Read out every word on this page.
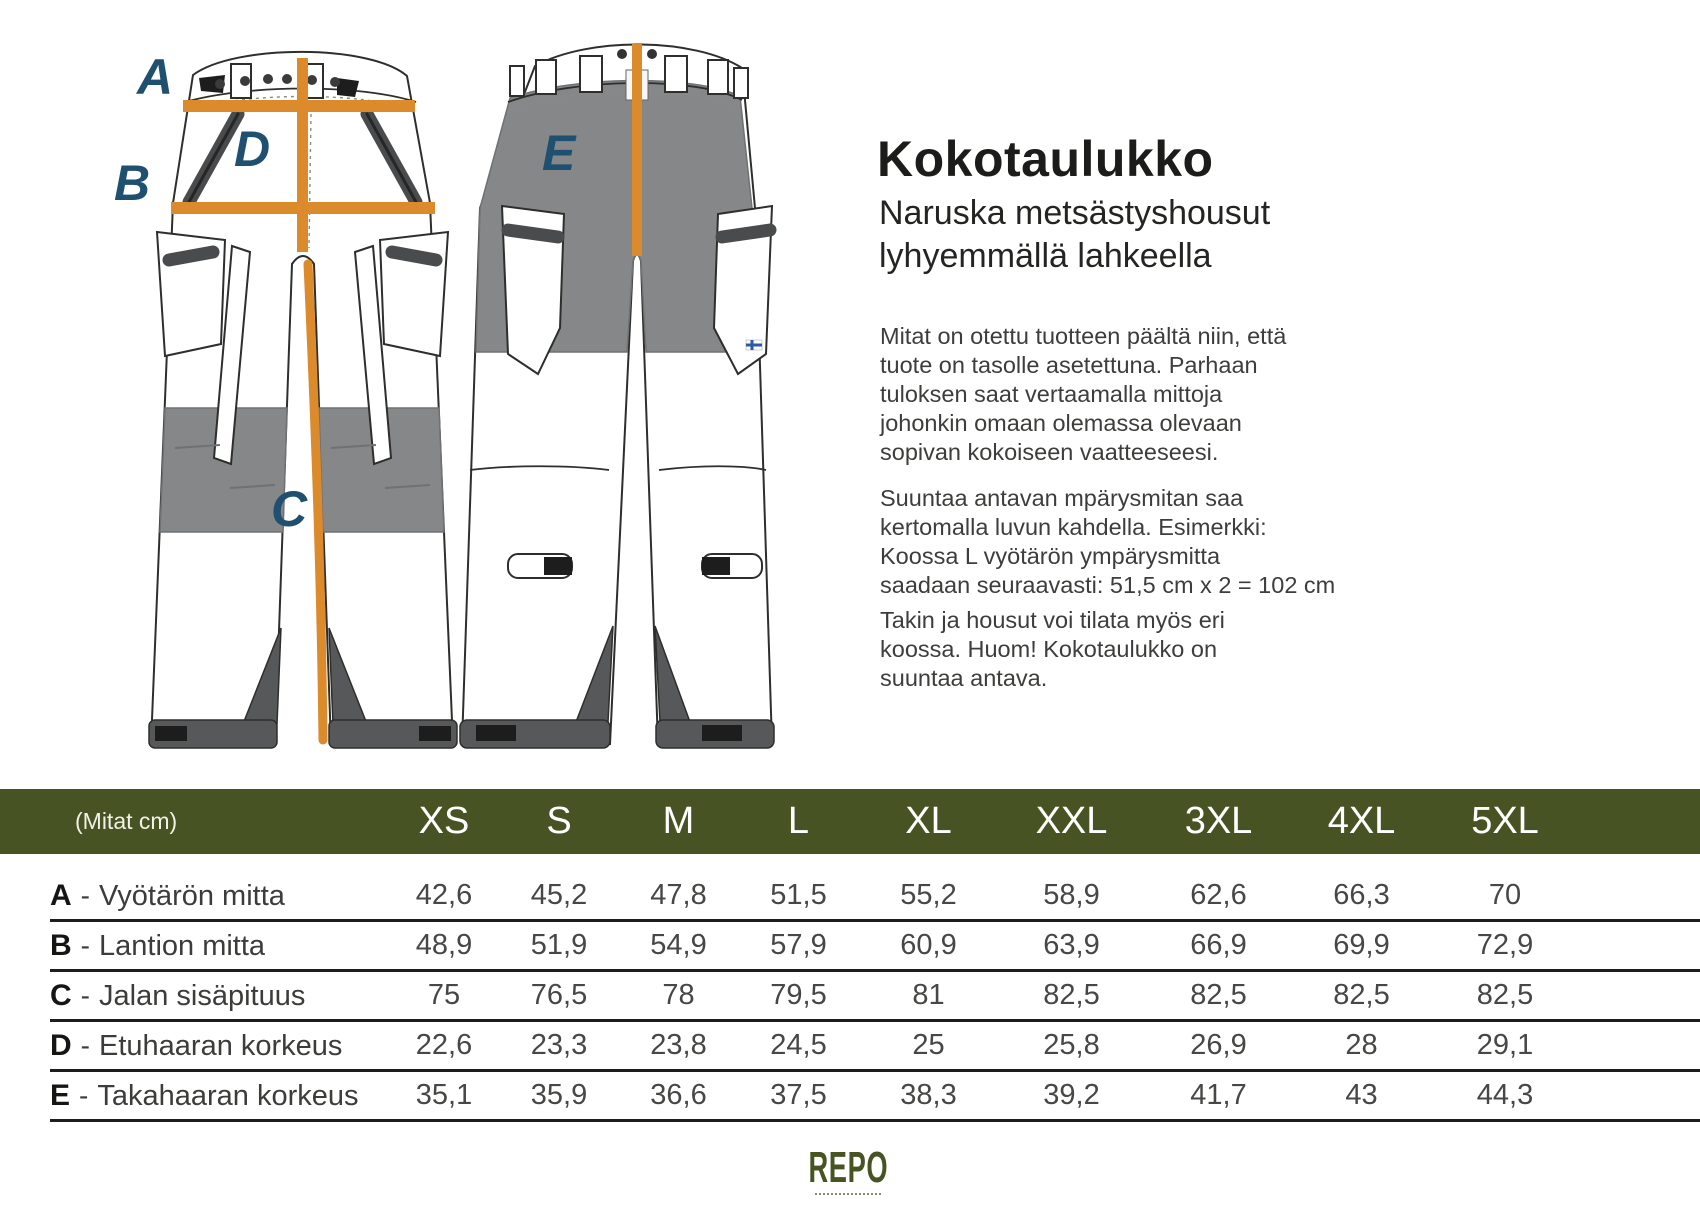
A
B
D
C
E	Kokotaulukko
Naruska metsästyshousut
lyhyemmällä lahkeella
Mitat on otettu tuotteen päältä niin, että
tuote on tasolle asetettuna. Parhaan
tuloksen saat vertaamalla mittoja
johonkin omaan olemassa olevaan
sopivan kokoiseen vaatteeseesi.
Suuntaa antavan mpärysmitan saa
kertomalla luvun kahdella. Esimerkki:
Koossa L vyötärön ympärysmitta
saadaan seuraavasti: 51,5 cm x 2 = 102 cm
Takin ja housut voi tilata myös eri
koossa. Huom! Kokotaulukko on
suuntaa antava.
(Mitat cm)	XS	S	M	L	XL	XXL	3XL	4XL	5XL
A - Vyötärön mitta	42,6	45,2	47,8	51,5	55,2	58,9	62,6	66,3	70
B - Lantion mitta	48,9	51,9	54,9	57,9	60,9	63,9	66,9	69,9	72,9
C - Jalan sisäpituus	75	76,5	78	79,5	81	82,5	82,5	82,5	82,5
D - Etuhaaran korkeus	22,6	23,3	23,8	24,5	25	25,8	26,9	28	29,1
E - Takahaaran korkeus	35,1	35,9	36,6	37,5	38,3	39,2	41,7	43	44,3
REPO
